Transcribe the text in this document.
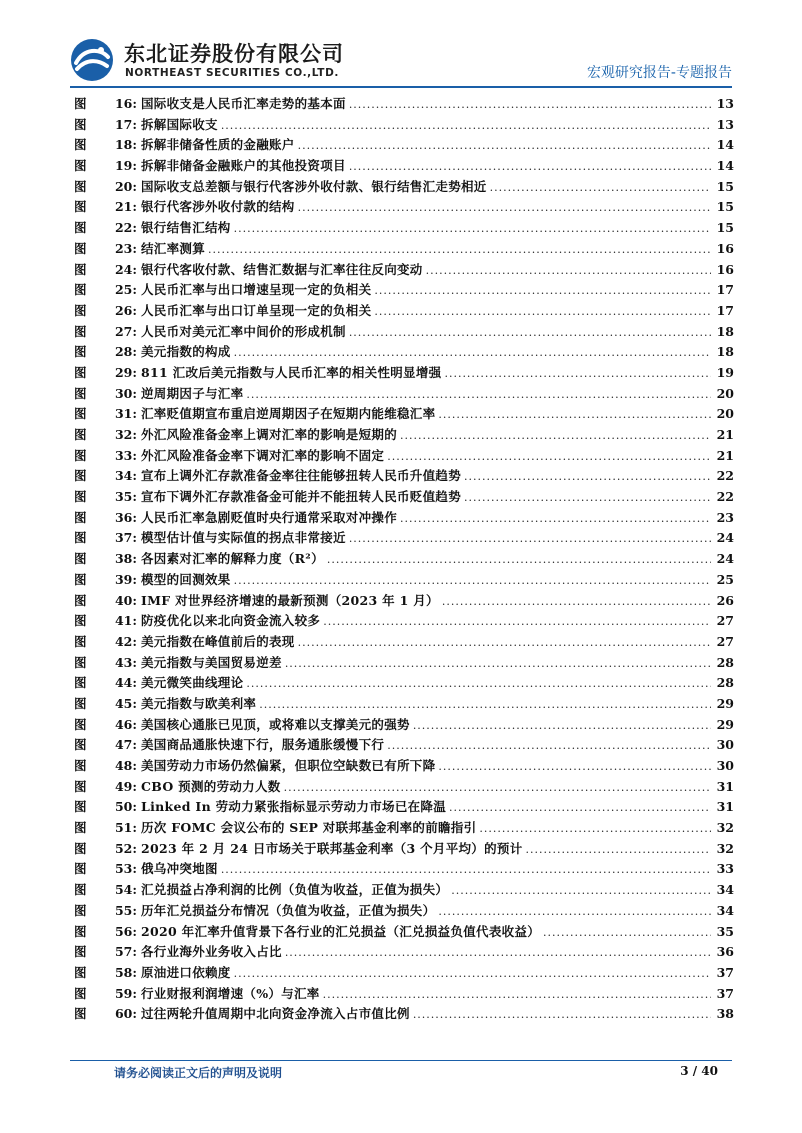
东北证券股份有限公司
NORTHEAST SECURITIES CO.,LTD.	宏观研究报告-专题报告
图	16: 国际收支是人民币汇率走势的基本面 .....	13
图	17: 拆解国际收支 .....	13
图	18: 拆解非储备性质的金融账户 .....	14
图	19: 拆解非储备金融账户的其他投资项目 .....	14
图	20: 国际收支总差额与银行代客涉外收付款、银行结售汇走势相近 .....	15
图	21: 银行代客涉外收付款的结构 .....	15
图	22: 银行结售汇结构 .....	15
图	23: 结汇率测算 .....	16
图	24: 银行代客收付款、结售汇数据与汇率往往反向变动 .....	16
图	25: 人民币汇率与出口增速呈现一定的负相关 .....	17
图	26: 人民币汇率与出口订单呈现一定的负相关 .....	17
图	27: 人民币对美元汇率中间价的形成机制 .....	18
图	28: 美元指数的构成 .....	18
图	29: 811 汇改后美元指数与人民币汇率的相关性明显增强 .....	19
图	30: 逆周期因子与汇率 .....	20
图	31: 汇率贬值期宣布重启逆周期因子在短期内能维稳汇率 .....	20
图	32: 外汇风险准备金率上调对汇率的影响是短期的 .....	21
图	33: 外汇风险准备金率下调对汇率的影响不固定 .....	21
图	34: 宣布上调外汇存款准备金率往往能够扭转人民币升值趋势 .....	22
图	35: 宣布下调外汇存款准备金可能并不能扭转人民币贬值趋势 .....	22
图	36: 人民币汇率急剧贬值时央行通常采取对冲操作 .....	23
图	37: 模型估计值与实际值的拐点非常接近 .....	24
图	38: 各因素对汇率的解释力度（R²） .....	24
图	39: 模型的回测效果 .....	25
图	40: IMF 对世界经济增速的最新预测（2023 年 1 月） .....	26
图	41: 防疫优化以来北向资金流入较多 .....	27
图	42: 美元指数在峰值前后的表现 .....	27
图	43: 美元指数与美国贸易逆差 .....	28
图	44: 美元微笑曲线理论 .....	28
图	45: 美元指数与欧美利率 .....	29
图	46: 美国核心通胀已见顶，或将难以支撑美元的强势 .....	29
图	47: 美国商品通胀快速下行，服务通胀缓慢下行 .....	30
图	48: 美国劳动力市场仍然偏紧，但职位空缺数已有所下降 .....	30
图	49: CBO 预测的劳动力人数 .....	31
图	50: Linked In 劳动力紧张指标显示劳动力市场已在降温 .....	31
图	51: 历次 FOMC 会议公布的 SEP 对联邦基金利率的前瞻指引 .....	32
图	52: 2023 年 2 月 24 日市场关于联邦基金利率（3 个月平均）的预计 .....	32
图	53: 俄乌冲突地图 .....	33
图	54: 汇兑损益占净利润的比例（负值为收益，正值为损失） .....	34
图	55: 历年汇兑损益分布情况（负值为收益，正值为损失） .....	34
图	56: 2020 年汇率升值背景下各行业的汇兑损益（汇兑损益负值代表收益） .....	35
图	57: 各行业海外业务收入占比 .....	36
图	58: 原油进口依赖度 .....	37
图	59: 行业财报利润增速（%）与汇率 .....	37
图	60: 过往两轮升值周期中北向资金净流入占市值比例 .....	38
请务必阅读正文后的声明及说明	3 / 40
